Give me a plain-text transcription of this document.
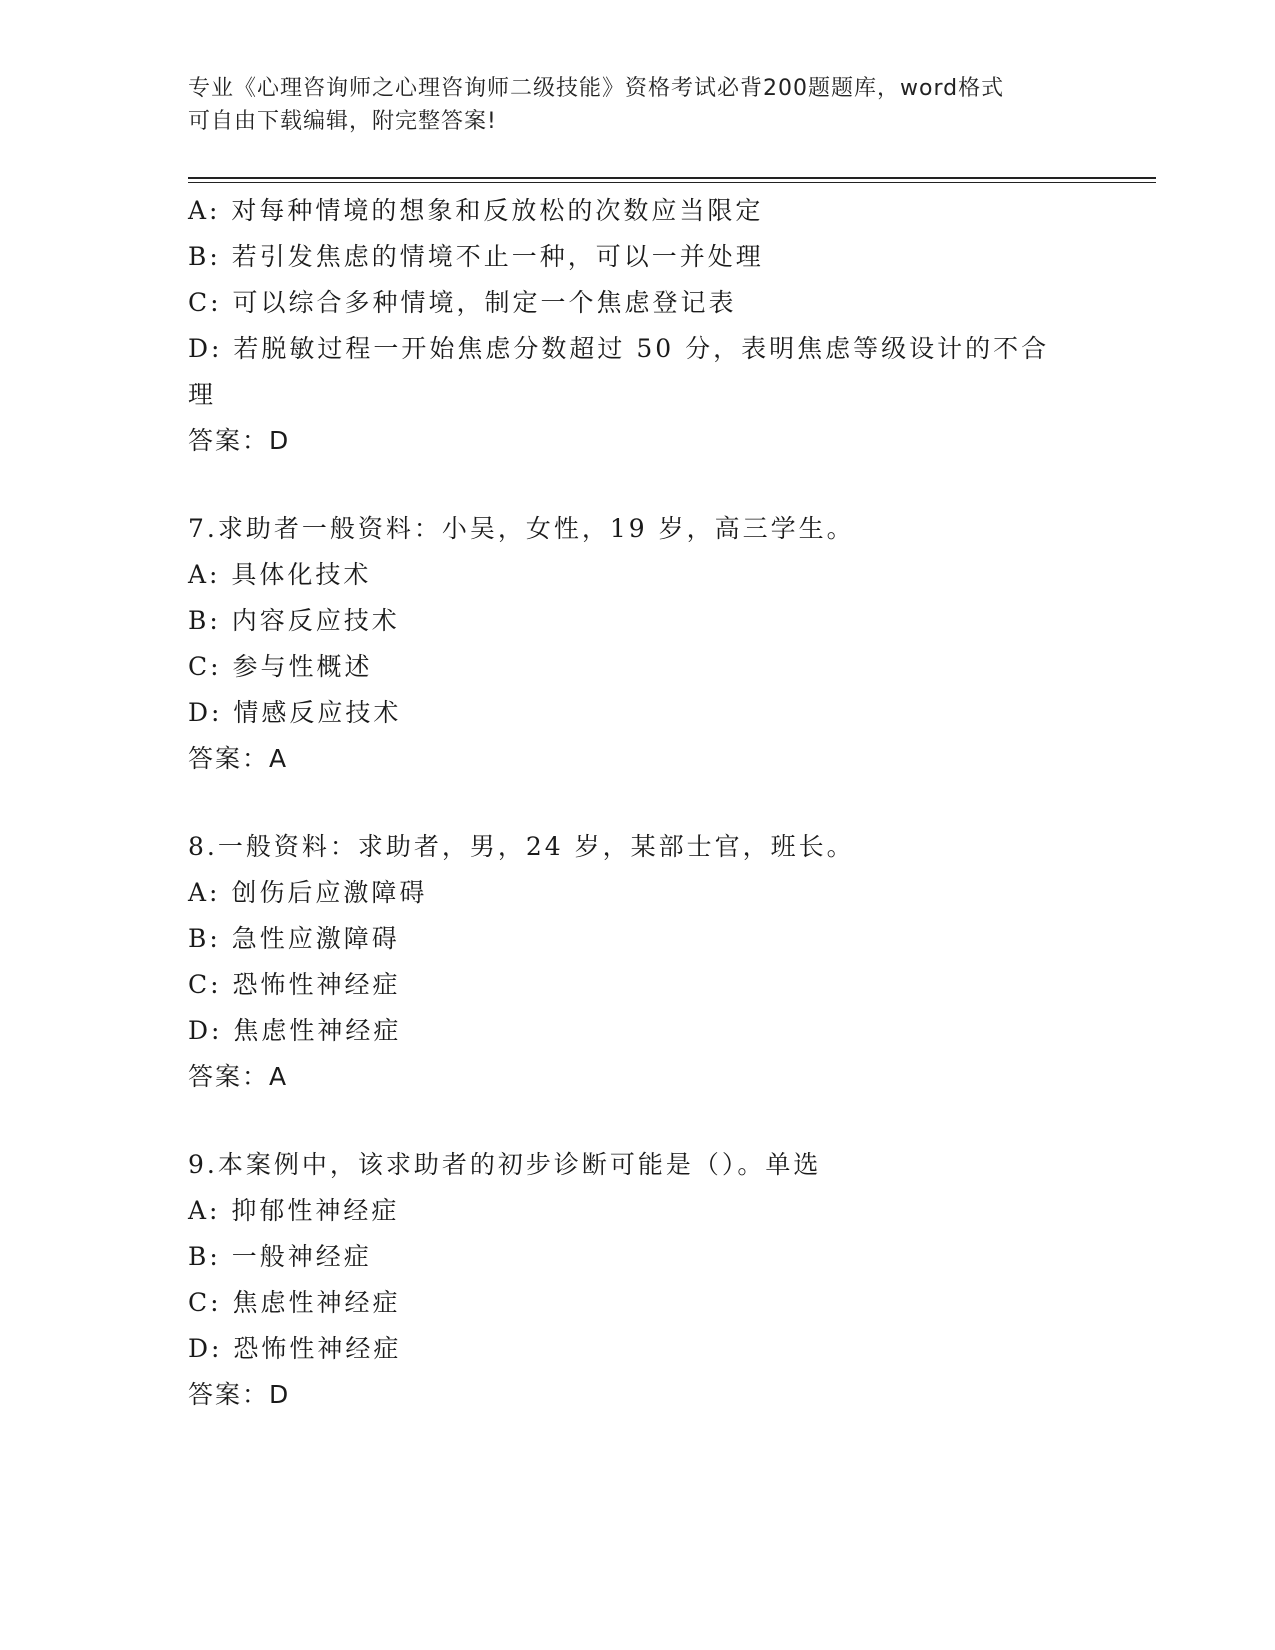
专业《心理咨询师之心理咨询师二级技能》资格考试必背200题题库，word格式
可自由下载编辑，附完整答案!
A: 对每种情境的想象和反放松的次数应当限定
B: 若引发焦虑的情境不止一种，可以一并处理
C: 可以综合多种情境，制定一个焦虑登记表
D: 若脱敏过程一开始焦虑分数超过 50 分，表明焦虑等级设计的不合
理
答案：D
7.求助者一般资料：小吴，女性，19 岁，高三学生。
A: 具体化技术
B: 内容反应技术
C: 参与性概述
D: 情感反应技术
答案：A
8.一般资料：求助者，男，24 岁，某部士官，班长。
A: 创伤后应激障碍
B: 急性应激障碍
C: 恐怖性神经症
D: 焦虑性神经症
答案：A
9.本案例中，该求助者的初步诊断可能是（）。单选
A: 抑郁性神经症
B: 一般神经症
C: 焦虑性神经症
D: 恐怖性神经症
答案：D
